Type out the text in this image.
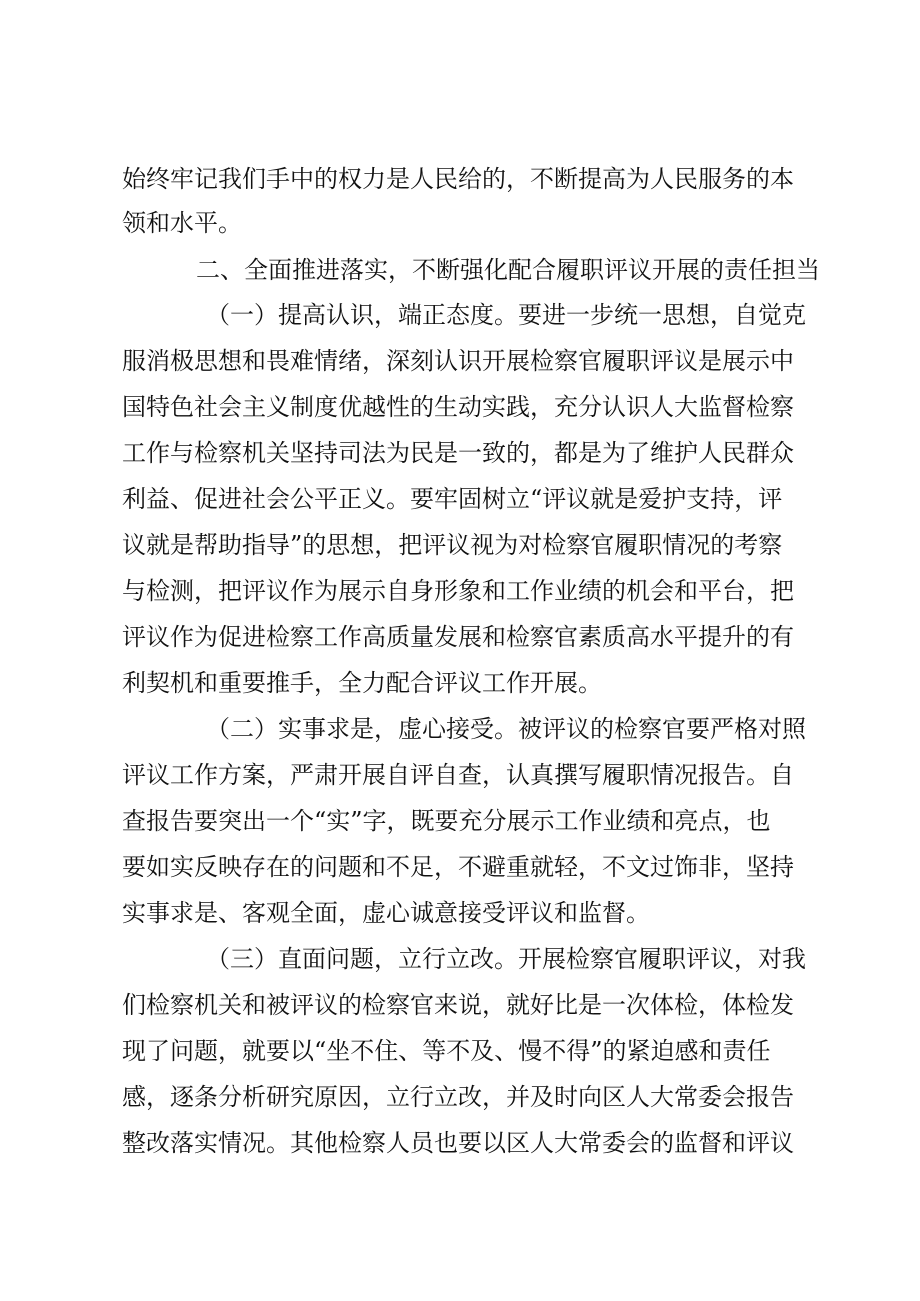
始终牢记我们手中的权力是人民给的，不断提高为人民服务的本
领和水平。
二、全面推进落实，不断强化配合履职评议开展的责任担当
（一）提高认识，端正态度。要进一步统一思想，自觉克
服消极思想和畏难情绪，深刻认识开展检察官履职评议是展示中
国特色社会主义制度优越性的生动实践，充分认识人大监督检察
工作与检察机关坚持司法为民是一致的，都是为了维护人民群众
利益、促进社会公平正义。要牢固树立“评议就是爱护支持，评
议就是帮助指导”的思想，把评议视为对检察官履职情况的考察
与检测，把评议作为展示自身形象和工作业绩的机会和平台，把
评议作为促进检察工作高质量发展和检察官素质高水平提升的有
利契机和重要推手，全力配合评议工作开展。
（二）实事求是，虚心接受。被评议的检察官要严格对照
评议工作方案，严肃开展自评自查，认真撰写履职情况报告。自
查报告要突出一个“实”字，既要充分展示工作业绩和亮点，也
要如实反映存在的问题和不足，不避重就轻，不文过饰非，坚持
实事求是、客观全面，虚心诚意接受评议和监督。
（三）直面问题，立行立改。开展检察官履职评议，对我
们检察机关和被评议的检察官来说，就好比是一次体检，体检发
现了问题，就要以“坐不住、等不及、慢不得”的紧迫感和责任
感，逐条分析研究原因，立行立改，并及时向区人大常委会报告
整改落实情况。其他检察人员也要以区人大常委会的监督和评议
